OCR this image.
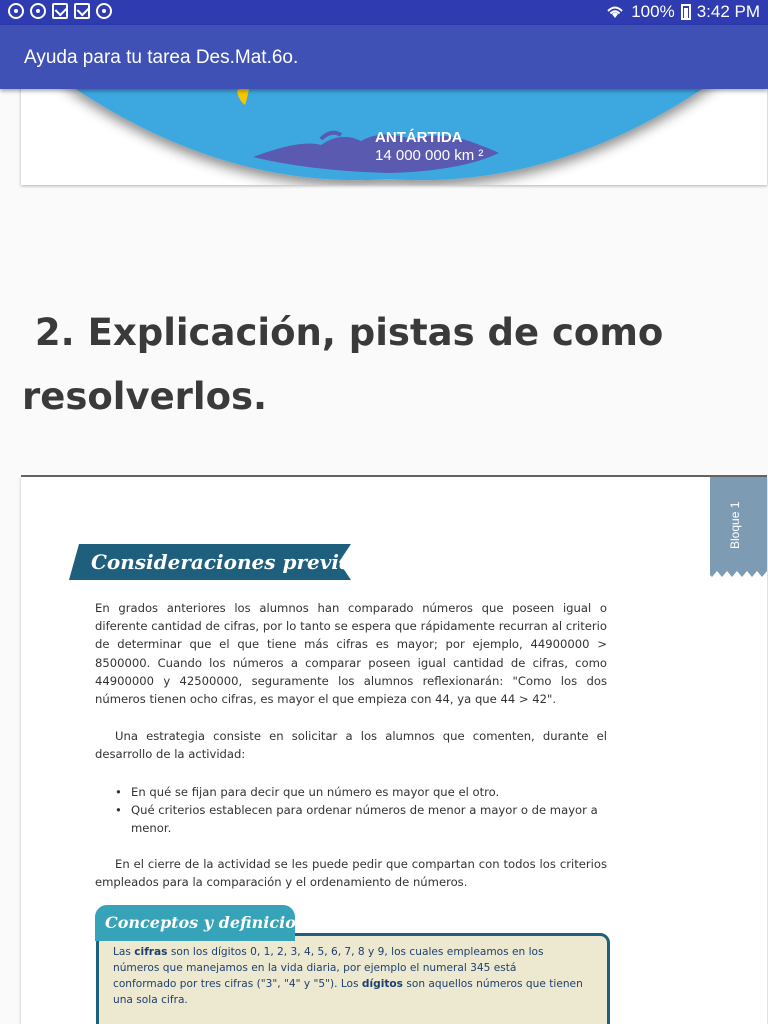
100% 3:42 PM
Ayuda para tu tarea Des.Mat.6o.
ANTÁRTIDA
14 000 000 km ²
2. Explicación, pistas de como
resolverlos.
Bloque 1
Consideraciones previas
En grados anteriores los alumnos han comparado números que poseen igual o diferente cantidad de cifras, por lo tanto se espera que rápidamente recurran al criterio de determinar que el que tiene más cifras es mayor; por ejemplo, 44900000 > 8500000. Cuando los números a comparar poseen igual cantidad de cifras, como 44900000 y 42500000, seguramente los alumnos reflexionarán: "Como los dos números tienen ocho cifras, es mayor el que empieza con 44, ya que 44 > 42".
Una estrategia consiste en solicitar a los alumnos que comenten, durante el desarrollo de la actividad:
• En qué se fijan para decir que un número es mayor que el otro.
• Qué criterios establecen para ordenar números de menor a mayor o de mayor a menor.
En el cierre de la actividad se les puede pedir que compartan con todos los criterios empleados para la comparación y el ordenamiento de números.
Conceptos y definiciones
Las cifras son los dígitos 0, 1, 2, 3, 4, 5, 6, 7, 8 y 9, los cuales empleamos en los números que manejamos en la vida diaria, por ejemplo el numeral 345 está conformado por tres cifras ("3", "4" y "5"). Los dígitos son aquellos números que tienen una sola cifra.
